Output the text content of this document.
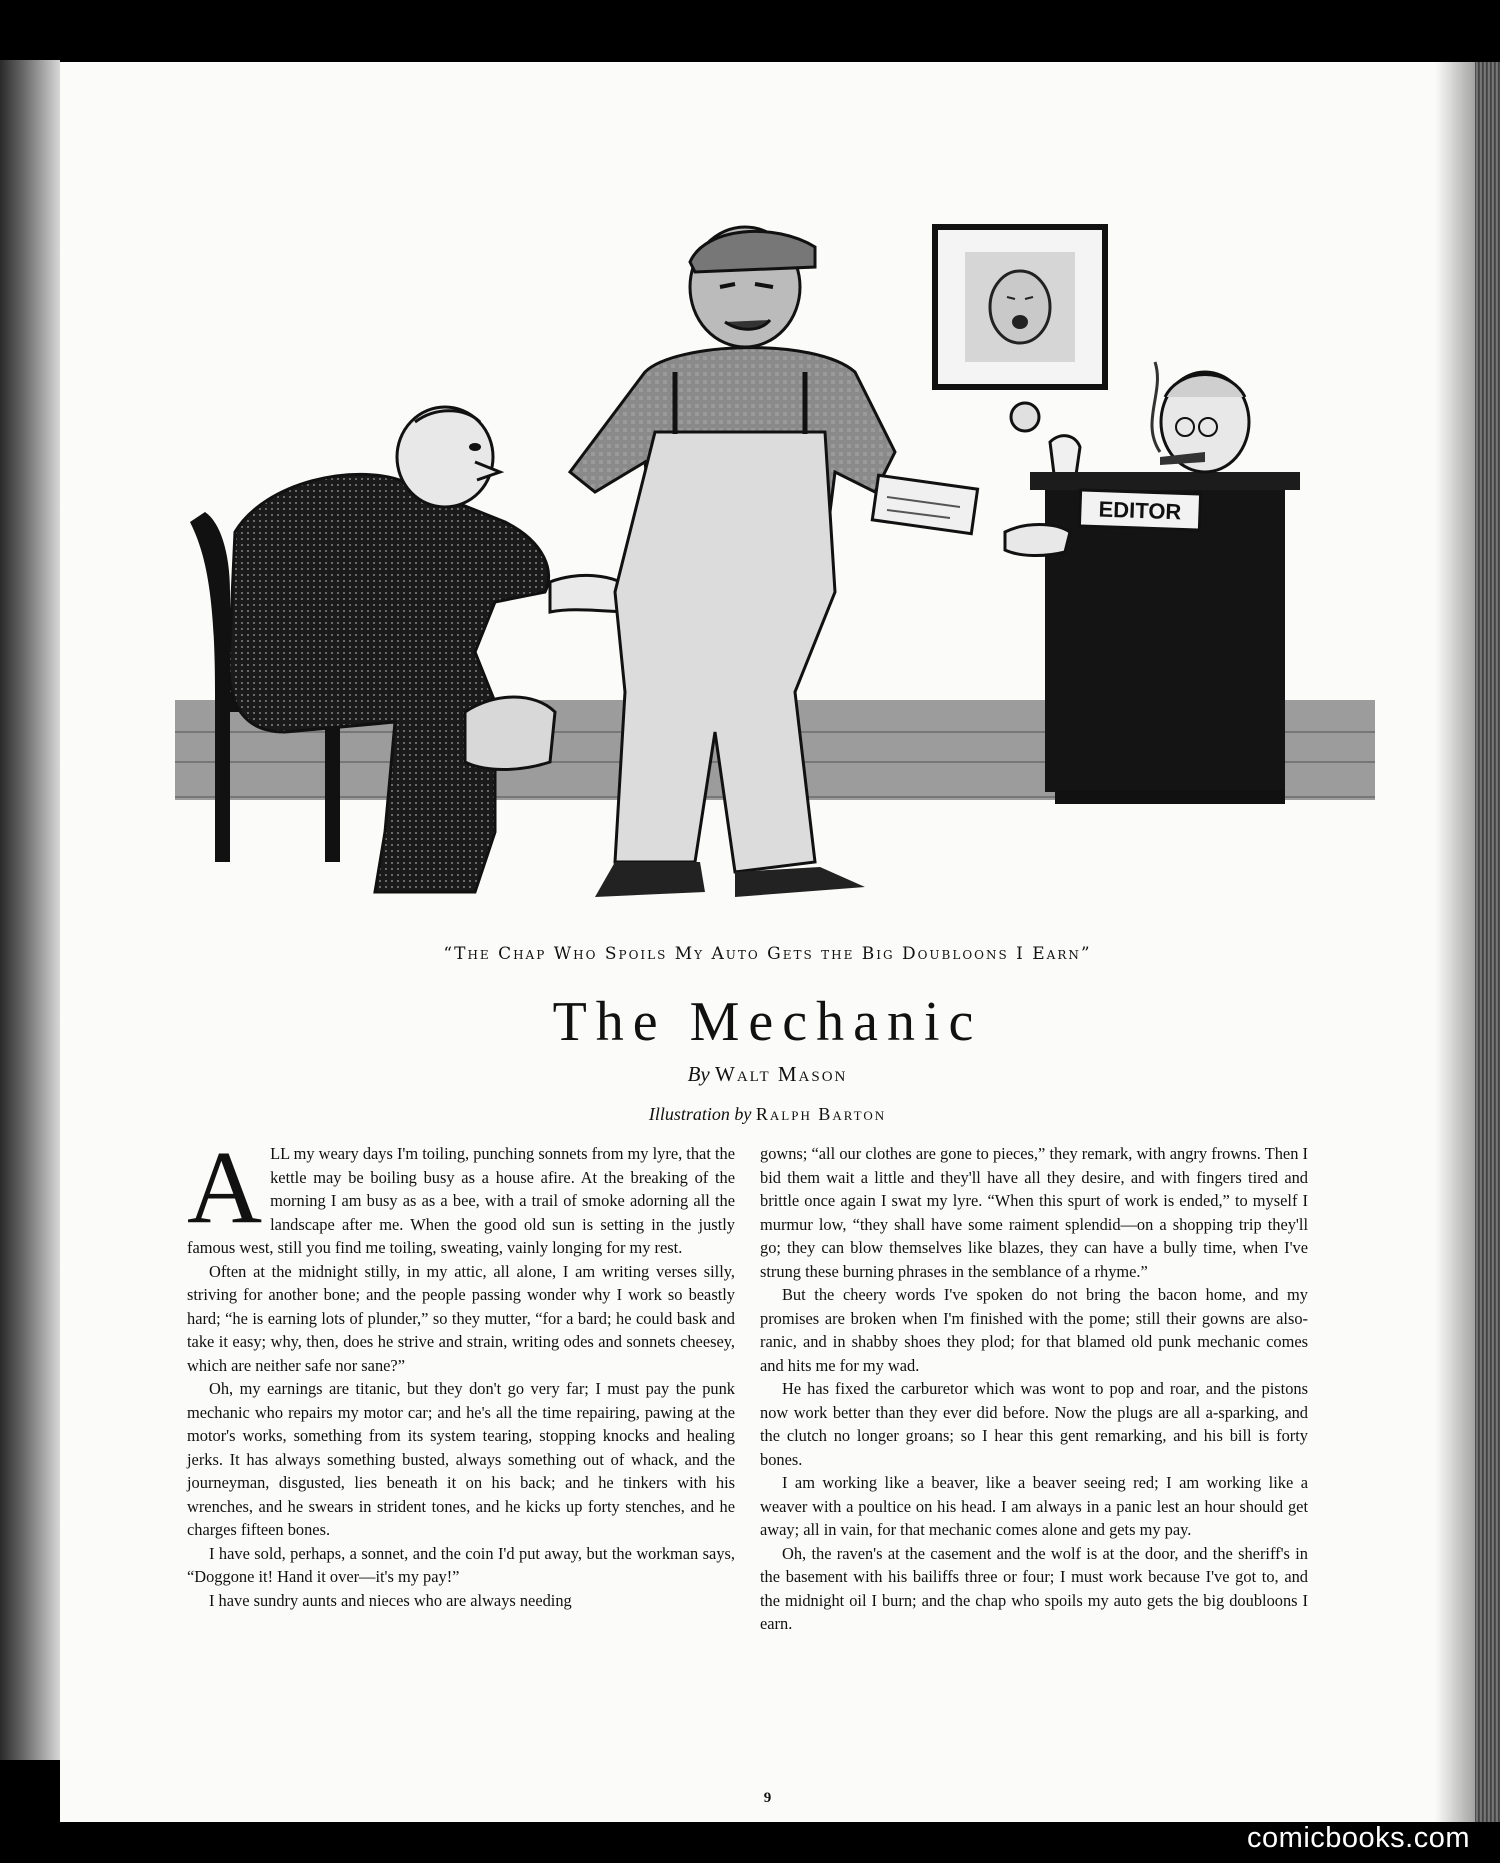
EDITOR
“The Chap Who Spoils My Auto Gets the Big Doubloons I Earn”
The Mechanic
By Walt Mason
Illustration by Ralph Barton

ALL my weary days I'm toiling, punching sonnets from my lyre, that the kettle may be boiling busy as a house afire. At the breaking of the morning I am busy as as a bee, with a trail of smoke adorning all the landscape after me. When the good old sun is setting in the justly famous west, still you find me toiling, sweating, vainly longing for my rest.

Often at the midnight stilly, in my attic, all alone, I am writing verses silly, striving for another bone; and the people passing wonder why I work so beastly hard; “he is earning lots of plunder,” so they mutter, “for a bard; he could bask and take it easy; why, then, does he strive and strain, writing odes and sonnets cheesey, which are neither safe nor sane?”

Oh, my earnings are titanic, but they don't go very far; I must pay the punk mechanic who repairs my motor car; and he's all the time repairing, pawing at the motor's works, something from its system tearing, stopping knocks and healing jerks. It has always something busted, always something out of whack, and the journeyman, disgusted, lies beneath it on his back; and he tinkers with his wrenches, and he swears in strident tones, and he kicks up forty stenches, and he charges fifteen bones.

I have sold, perhaps, a sonnet, and the coin I'd put away, but the workman says, “Doggone it! Hand it over—it's my pay!”

I have sundry aunts and nieces who are always needing

gowns; “all our clothes are gone to pieces,” they remark, with angry frowns. Then I bid them wait a little and they'll have all they desire, and with fingers tired and brittle once again I swat my lyre. “When this spurt of work is ended,” to myself I murmur low, “they shall have some raiment splendid—on a shopping trip they'll go; they can blow themselves like blazes, they can have a bully time, when I've strung these burning phrases in the semblance of a rhyme.”

But the cheery words I've spoken do not bring the bacon home, and my promises are broken when I'm finished with the pome; still their gowns are also-ranic, and in shabby shoes they plod; for that blamed old punk mechanic comes and hits me for my wad.

He has fixed the carburetor which was wont to pop and roar, and the pistons now work better than they ever did before. Now the plugs are all a-sparking, and the clutch no longer groans; so I hear this gent remarking, and his bill is forty bones.

I am working like a beaver, like a beaver seeing red; I am working like a weaver with a poultice on his head. I am always in a panic lest an hour should get away; all in vain, for that mechanic comes alone and gets my pay.

Oh, the raven's at the casement and the wolf is at the door, and the sheriff's in the basement with his bailiffs three or four; I must work because I've got to, and the midnight oil I burn; and the chap who spoils my auto gets the big doubloons I earn.

9
comicbooks.com
